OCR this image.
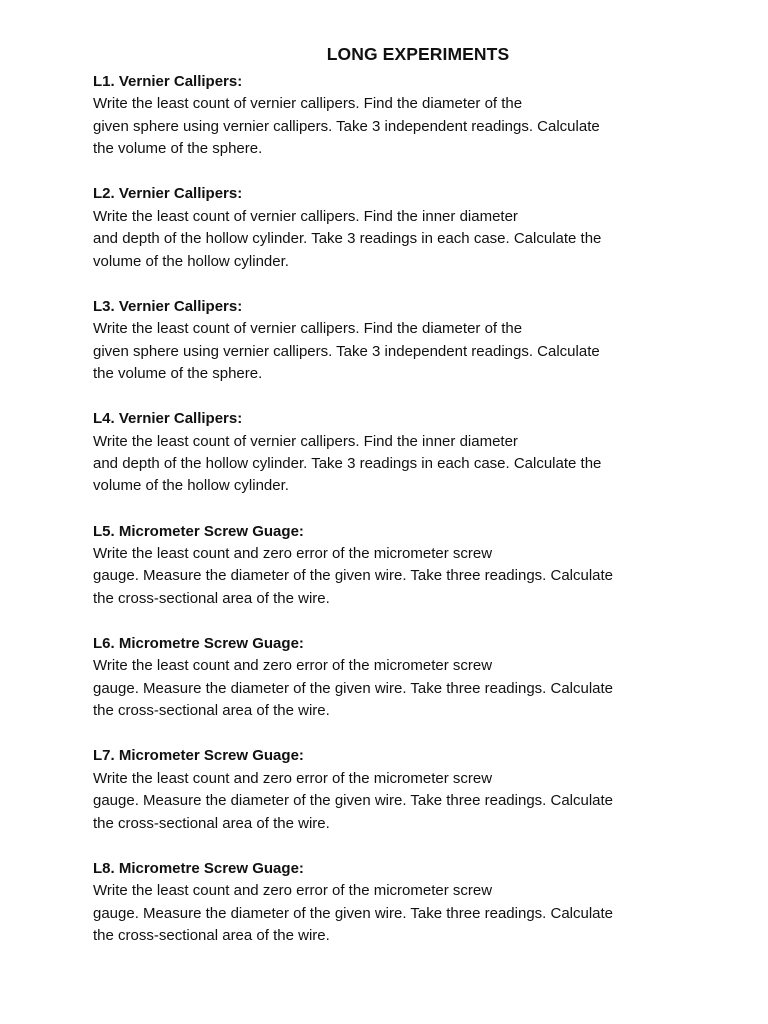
LONG EXPERIMENTS
L1. Vernier Callipers:
Write the least count of vernier callipers. Find the diameter of the
given sphere using vernier callipers. Take 3 independent readings. Calculate
the volume of the sphere.
L2. Vernier Callipers:
Write the least count of vernier callipers. Find the inner diameter
and depth of the hollow cylinder. Take 3 readings in each case. Calculate the
volume of the hollow cylinder.
L3. Vernier Callipers:
Write the least count of vernier callipers. Find the diameter of the
given sphere using vernier callipers. Take 3 independent readings. Calculate
the volume of the sphere.
L4. Vernier Callipers:
Write the least count of vernier callipers. Find the inner diameter
and depth of the hollow cylinder. Take 3 readings in each case. Calculate the
volume of the hollow cylinder.
L5. Micrometer Screw Guage:
Write the least count and zero error of the micrometer screw
gauge. Measure the diameter of the given wire. Take three readings. Calculate
the cross-sectional area of the wire.
L6. Micrometre Screw Guage:
Write the least count and zero error of the micrometer screw
gauge. Measure the diameter of the given wire. Take three readings. Calculate
the cross-sectional area of the wire.
L7. Micrometer Screw Guage:
Write the least count and zero error of the micrometer screw
gauge. Measure the diameter of the given wire. Take three readings. Calculate
the cross-sectional area of the wire.
L8. Micrometre Screw Guage:
Write the least count and zero error of the micrometer screw
gauge. Measure the diameter of the given wire. Take three readings. Calculate
the cross-sectional area of the wire.
